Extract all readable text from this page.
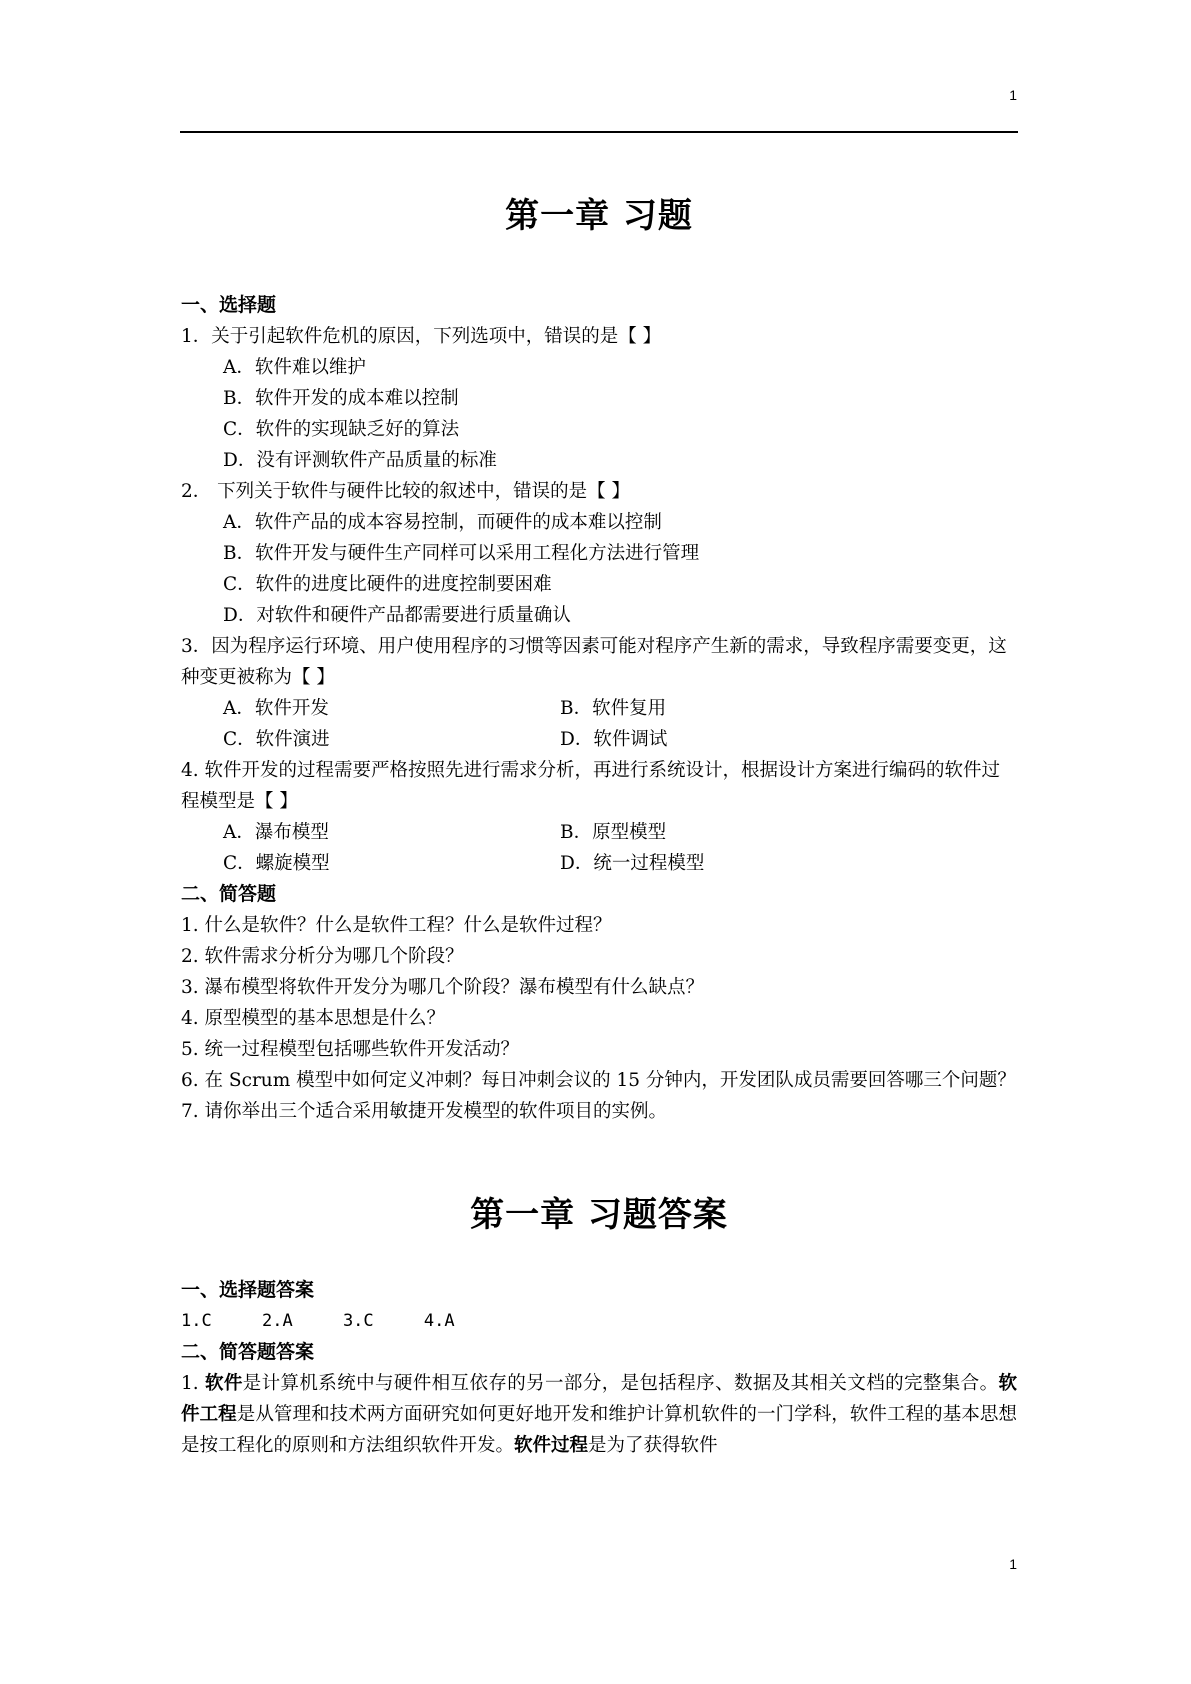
1
第一章 习题
一、选择题
1．关于引起软件危机的原因，下列选项中，错误的是【 】
A．软件难以维护
B．软件开发的成本难以控制
C．软件的实现缺乏好的算法
D．没有评测软件产品质量的标准
2． 下列关于软件与硬件比较的叙述中，错误的是【 】
A．软件产品的成本容易控制，而硬件的成本难以控制
B．软件开发与硬件生产同样可以采用工程化方法进行管理
C．软件的进度比硬件的进度控制要困难
D．对软件和硬件产品都需要进行质量确认
3．因为程序运行环境、用户使用程序的习惯等因素可能对程序产生新的需求，导致程序需要变更，这种变更被称为【 】
A．软件开发	B．软件复用
C．软件演进	D．软件调试
4. 软件开发的过程需要严格按照先进行需求分析，再进行系统设计，根据设计方案进行编码的软件过程模型是【 】
A．瀑布模型	B．原型模型
C．螺旋模型	D．统一过程模型
二、简答题
1. 什么是软件？什么是软件工程？什么是软件过程？
2. 软件需求分析分为哪几个阶段？
3. 瀑布模型将软件开发分为哪几个阶段？瀑布模型有什么缺点？
4. 原型模型的基本思想是什么？
5. 统一过程模型包括哪些软件开发活动？
6. 在 Scrum 模型中如何定义冲刺？每日冲刺会议的 15 分钟内，开发团队成员需要回答哪三个问题？
7. 请你举出三个适合采用敏捷开发模型的软件项目的实例。
第一章 习题答案
一、选择题答案
1.C	2.A	3.C	4.A
二、简答题答案
1. 软件是计算机系统中与硬件相互依存的另一部分，是包括程序、数据及其相关文档的完整集合。软件工程是从管理和技术两方面研究如何更好地开发和维护计算机软件的一门学科，软件工程的基本思想是按工程化的原则和方法组织软件开发。软件过程是为了获得软件
1
